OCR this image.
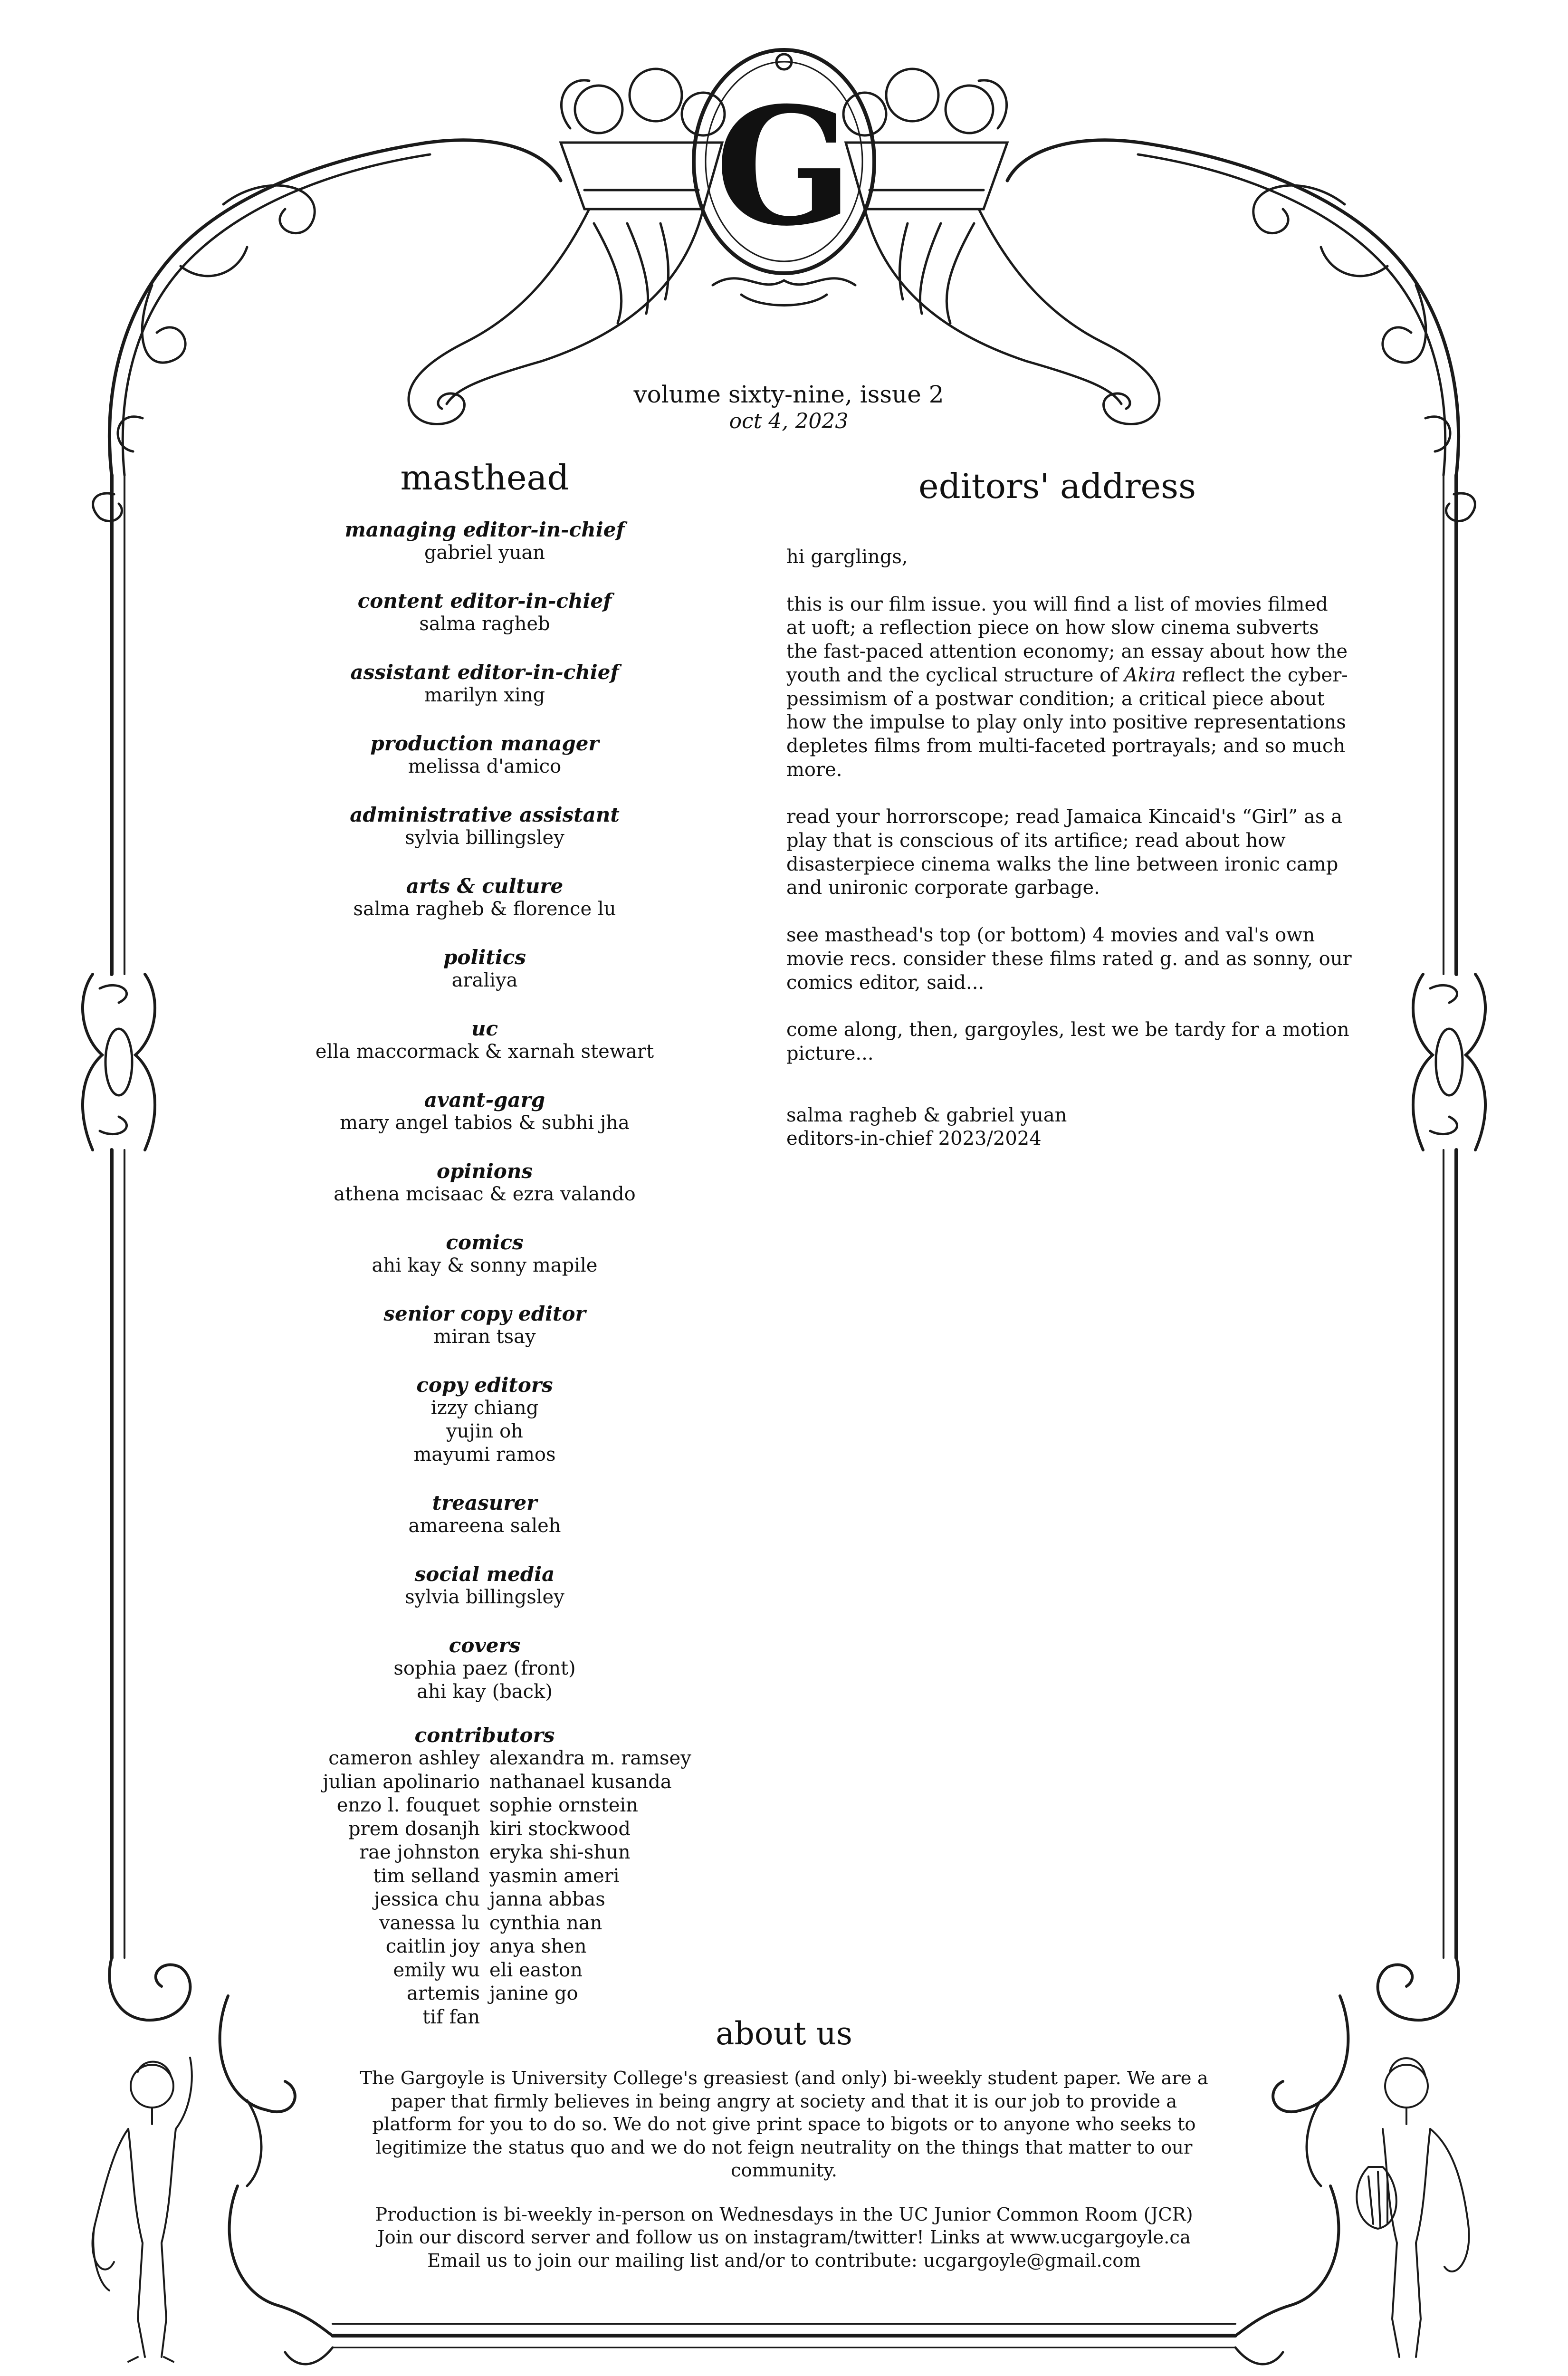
G
volume sixty-nine, issue 2
oct 4, 2023
masthead
managing editor-in-chief
gabriel yuan
content editor-in-chief
salma ragheb
assistant editor-in-chief
marilyn xing
production manager
melissa d'amico
administrative assistant
sylvia billingsley
arts & culture
salma ragheb & florence lu
politics
araliya
uc
ella maccormack & xarnah stewart
avant-garg
mary angel tabios & subhi jha
opinions
athena mcisaac & ezra valando
comics
ahi kay & sonny mapile
senior copy editor
miran tsay
copy editors
izzy chiang
yujin oh
mayumi ramos
treasurer
amareena saleh
social media
sylvia billingsley
covers
sophia paez (front)
ahi kay (back)
contributors
cameron ashley
julian apolinario
enzo l. fouquet
prem dosanjh
rae johnston
tim selland
jessica chu
vanessa lu
caitlin joy
emily wu
artemis
tif fan
alexandra m. ramsey
nathanael kusanda
sophie ornstein
kiri stockwood
eryka shi-shun
yasmin ameri
janna abbas
cynthia nan
anya shen
eli easton
janine go
editors' address

hi garglings,

this is our film issue. you will find a list of movies filmed at uoft; a reflection piece on how slow cinema subverts the fast-paced attention economy; an essay about how the youth and the cyclical structure of Akira reflect the cyber-pessimism of a postwar condition; a critical piece about how the impulse to play only into positive representations depletes films from multi-faceted portrayals; and so much more.

read your horrorscope; read Jamaica Kincaid's “Girl” as a play that is conscious of its artifice; read about how disasterpiece cinema walks the line between ironic camp and unironic corporate garbage.

see masthead's top (or bottom) 4 movies and val's own movie recs. consider these films rated g. and as sonny, our comics editor, said...

come along, then, gargoyles, lest we be tardy for a motion picture...

salma ragheb & gabriel yuan
editors-in-chief 2023/2024
about us

The Gargoyle is University College's greasiest (and only) bi-weekly student paper. We are a paper that firmly believes in being angry at society and that it is our job to provide a platform for you to do so. We do not give print space to bigots or to anyone who seeks to legitimize the status quo and we do not feign neutrality on the things that matter to our community.

Production is bi-weekly in-person on Wednesdays in the UC Junior Common Room (JCR)
Join our discord server and follow us on instagram/twitter! Links at www.ucgargoyle.ca
Email us to join our mailing list and/or to contribute: ucgargoyle@gmail.com
